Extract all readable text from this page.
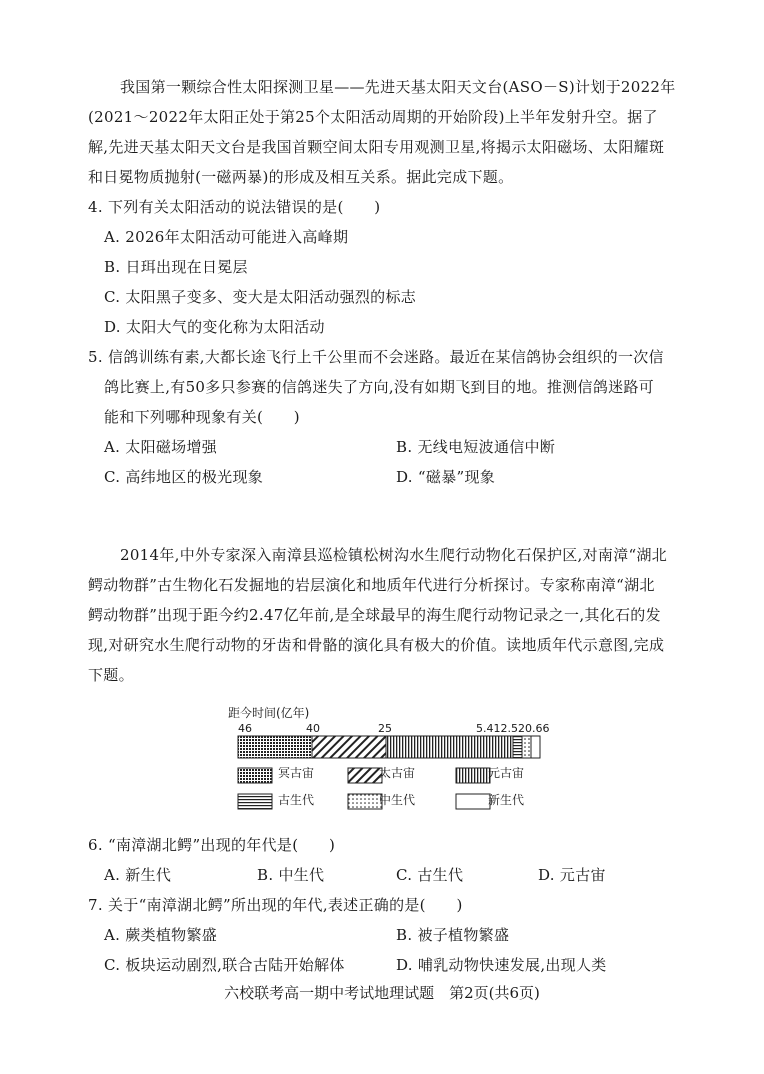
我国第一颗综合性太阳探测卫星——先进天基太阳天文台(ASO－S)计划于2022年
(2021～2022年太阳正处于第25个太阳活动周期的开始阶段)上半年发射升空。据了
解,先进天基太阳天文台是我国首颗空间太阳专用观测卫星,将揭示太阳磁场、太阳耀斑
和日冕物质抛射(一磁两暴)的形成及相互关系。据此完成下题。
4. 下列有关太阳活动的说法错误的是(　　)
A. 2026年太阳活动可能进入高峰期
B. 日珥出现在日冕层
C. 太阳黑子变多、变大是太阳活动强烈的标志
D. 太阳大气的变化称为太阳活动
5. 信鸽训练有素,大都长途飞行上千公里而不会迷路。最近在某信鸽协会组织的一次信
鸽比赛上,有50多只参赛的信鸽迷失了方向,没有如期飞到目的地。推测信鸽迷路可
能和下列哪种现象有关(　　)
A. 太阳磁场增强	B. 无线电短波通信中断
C. 高纬地区的极光现象	D. “磁暴”现象
2014年,中外专家深入南漳县巡检镇松树沟水生爬行动物化石保护区,对南漳“湖北
鳄动物群”古生物化石发掘地的岩层演化和地质年代进行分析探讨。专家称南漳“湖北
鳄动物群”出现于距今约2.47亿年前,是全球最早的海生爬行动物记录之一,其化石的发
现,对研究水生爬行动物的牙齿和骨骼的演化具有极大的价值。读地质年代示意图,完成
下题。
距今时间(亿年)
46	40	25	5.412.520.66
冥古宙	太古宙	元古宙
古生代	中生代	新生代
6. “南漳湖北鳄”出现的年代是(　　)
A. 新生代	B. 中生代	C. 古生代	D. 元古宙
7. 关于“南漳湖北鳄”所出现的年代,表述正确的是(　　)
A. 蕨类植物繁盛	B. 被子植物繁盛
C. 板块运动剧烈,联合古陆开始解体	D. 哺乳动物快速发展,出现人类
六校联考高一期中考试地理试题　第2页(共6页)
